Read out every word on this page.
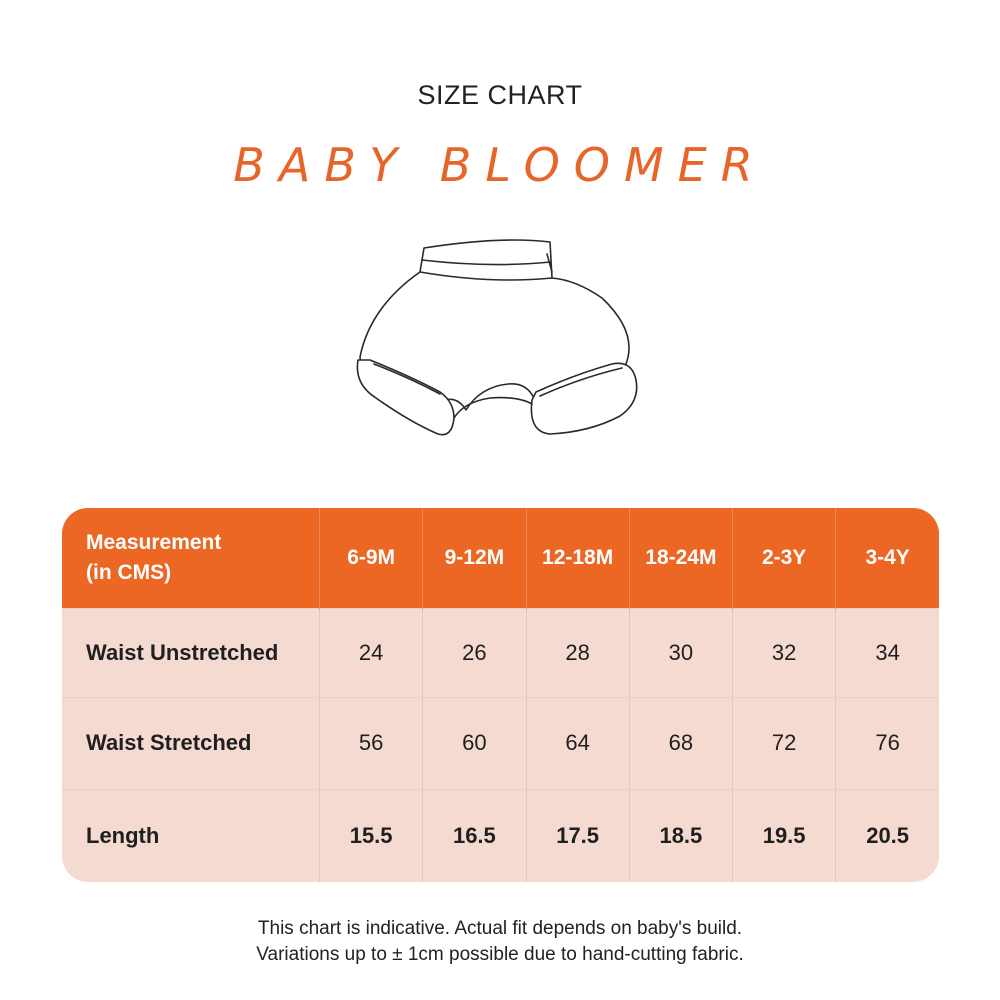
SIZE CHART
BABY BLOOMER
Measurement
(in CMS)	6-9M	9-12M	12-18M	18-24M	2-3Y	3-4Y
Waist Unstretched	24	26	28	30	32	34
Waist Stretched	56	60	64	68	72	76
Length	15.5	16.5	17.5	18.5	19.5	20.5
This chart is indicative. Actual fit depends on baby's build.
Variations up to ± 1cm possible due to hand-cutting fabric.
